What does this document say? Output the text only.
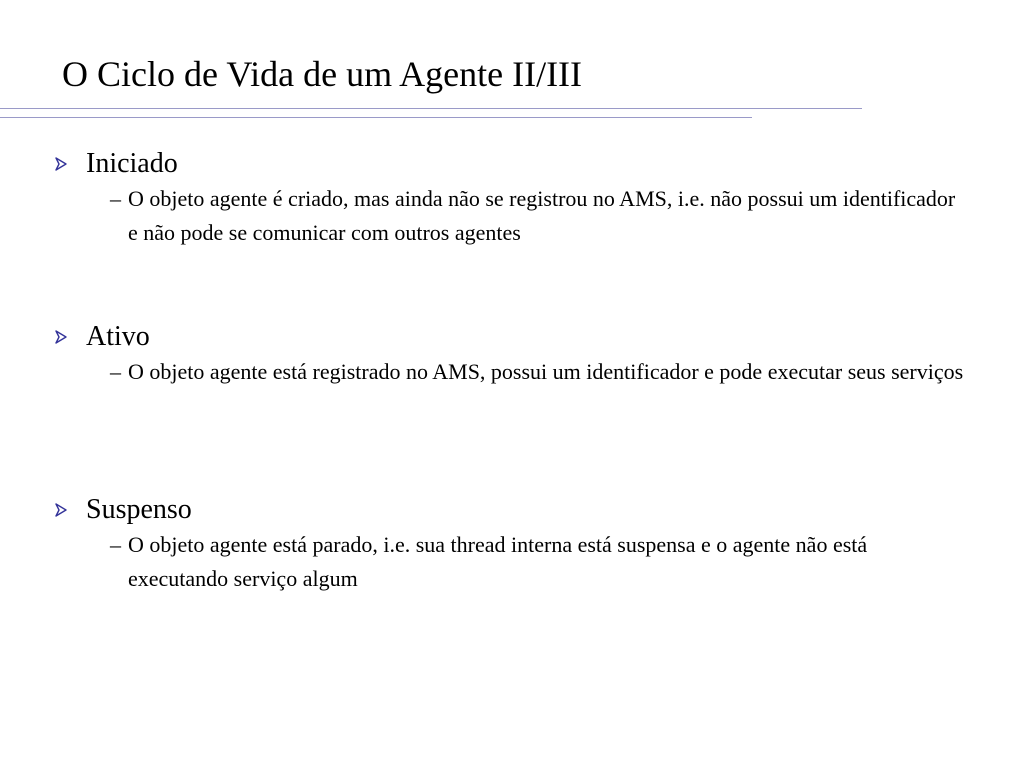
O Ciclo de Vida de um Agente II/III
Iniciado
– O objeto agente é criado, mas ainda não se registrou no AMS, i.e. não possui um identificador e não pode se comunicar com outros agentes
Ativo
– O objeto agente está registrado no AMS, possui um identificador e pode executar seus serviços
Suspenso
– O objeto agente está parado, i.e. sua thread interna está suspensa e o agente não está executando serviço algum
